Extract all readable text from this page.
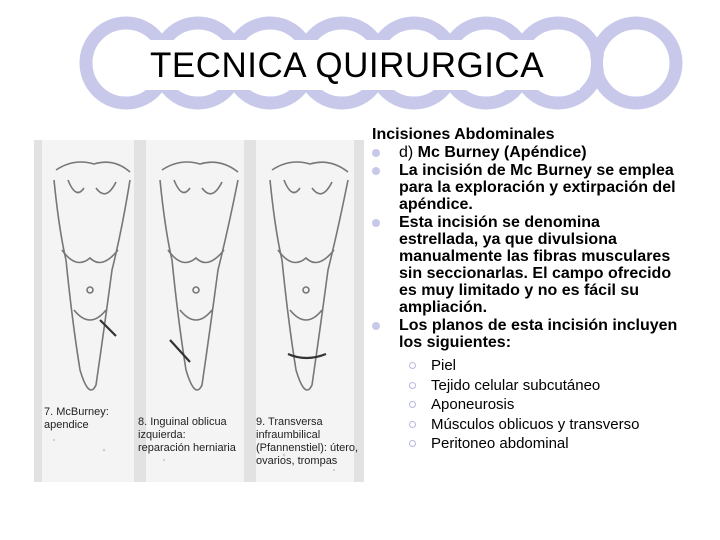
TECNICA QUIRURGICA
7. McBurney:
apendice	8. Inguinal oblicua izquierda:
reparación herniaria
9. Transversa infraumbilical
(Pfannenstiel): útero,
ovarios, trompas
Incisiones Abdominales
d) Mc Burney (Apéndice)
La incisión de Mc Burney se emplea para la exploración y extirpación del apéndice.
Esta incisión se denomina estrellada, ya que divulsiona manualmente las fibras musculares sin seccionarlas. El campo ofrecido es muy limitado y no es fácil su ampliación.
Los planos de esta incisión incluyen los siguientes:
Piel
Tejido celular subcutáneo
Aponeurosis
Músculos oblicuos y transverso
Peritoneo abdominal
